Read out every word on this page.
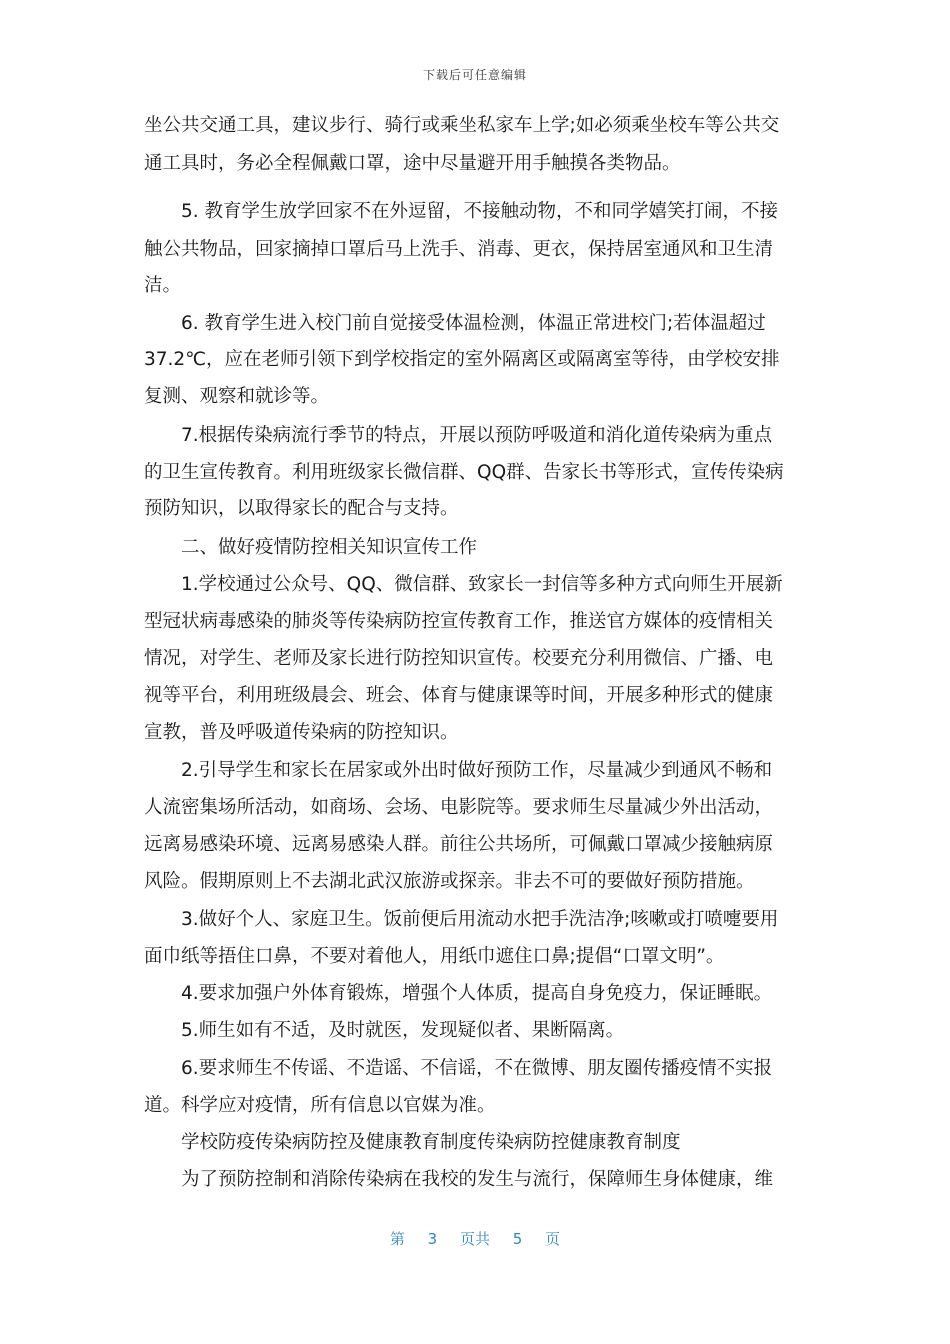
下载后可任意编辑
坐公共交通工具，建议步行、骑行或乘坐私家车上学;如必须乘坐校车等公共交
通工具时，务必全程佩戴口罩，途中尽量避开用手触摸各类物品。
5. 教育学生放学回家不在外逗留，不接触动物，不和同学嬉笑打闹，不接
触公共物品，回家摘掉口罩后马上洗手、消毒、更衣，保持居室通风和卫生清
洁。
6. 教育学生进入校门前自觉接受体温检测，体温正常进校门;若体温超过
37.2℃，应在老师引领下到学校指定的室外隔离区或隔离室等待，由学校安排
复测、观察和就诊等。
7.根据传染病流行季节的特点，开展以预防呼吸道和消化道传染病为重点
的卫生宣传教育。利用班级家长微信群、QQ群、告家长书等形式，宣传传染病
预防知识，以取得家长的配合与支持。
二、做好疫情防控相关知识宣传工作
1.学校通过公众号、QQ、微信群、致家长一封信等多种方式向师生开展新
型冠状病毒感染的肺炎等传染病防控宣传教育工作，推送官方媒体的疫情相关
情况，对学生、老师及家长进行防控知识宣传。校要充分利用微信、广播、电
视等平台，利用班级晨会、班会、体育与健康课等时间，开展多种形式的健康
宣教，普及呼吸道传染病的防控知识。
2.引导学生和家长在居家或外出时做好预防工作，尽量减少到通风不畅和
人流密集场所活动，如商场、会场、电影院等。要求师生尽量减少外出活动，
远离易感染环境、远离易感染人群。前往公共场所，可佩戴口罩减少接触病原
风险。假期原则上不去湖北武汉旅游或探亲。非去不可的要做好预防措施。
3.做好个人、家庭卫生。饭前便后用流动水把手洗洁净;咳嗽或打喷嚏要用
面巾纸等捂住口鼻，不要对着他人，用纸巾遮住口鼻;提倡“口罩文明”。
4.要求加强户外体育锻炼，增强个人体质，提高自身免疫力，保证睡眠。
5.师生如有不适，及时就医，发现疑似者、果断隔离。
6.要求师生不传谣、不造谣、不信谣，不在微博、朋友圈传播疫情不实报
道。科学应对疫情，所有信息以官媒为准。
学校防疫传染病防控及健康教育制度传染病防控健康教育制度
为了预防控制和消除传染病在我校的发生与流行，保障师生身体健康，维
第 3 页共 5 页
